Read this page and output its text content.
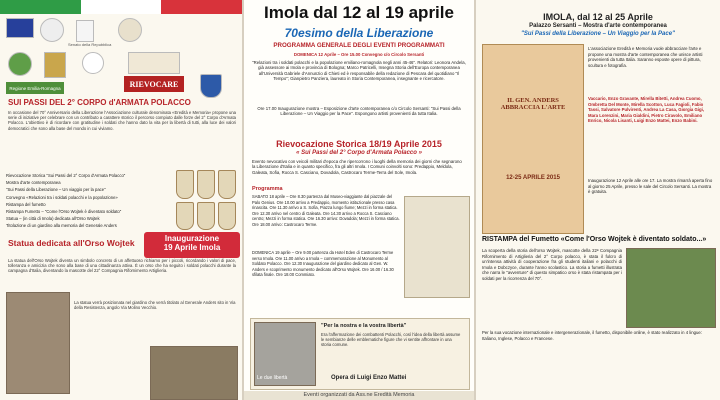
Senato della Repubblica
Regione Emilia-Romagna	RIEVOCARE
SUI PASSI DEL 2° CORPO d'ARMATA POLACCO
In occasione del 70° Anniversario della Liberazione l'Associazione culturale denominata «Eredità e Memoria» propone una serie di iniziative per celebrare con un contributo a carattere storico il percorso compiuto dalle forze del 2° Corpo d'Armata Polacco. L'obiettivo è di ricordare con gratitudine i soldati che hanno dato la vita per la libertà di tutti, alla luce dei valori democratici che sono alla base del mondo in cui viviamo.
Rievocazione Storica "Sui Passi del 2° Corpo d'Armata Polacco"
Mostra d'arte contemporanea
"Sui Passi della Liberazione – Un viaggio per la pace"
Convegno «Relazioni tra i soldati polacchi e la popolazione»
Ristampa del fumetto
Ristampa Fumetto – "Come l'Orso Wojtek è diventato soldato"
Statua – (in città di Imola) dedicata all'Orso Wojtek
Titolazione di un giardino alla memoria del Generale Anders
Statua dedicata all'Orso Wojtek	Inaugurazione
19 Aprile Imola
La statua dell'Orso Wojtek diventa un simbolo concreto di un affettuoso richiamo per i piccoli, ricordando i valori di pace, tolleranza e amicizia che sono alla base di una cittadinanza attiva. È un orso che ha seguito i soldati polacchi durante la campagna d'Italia, diventando la mascotte del 22° Compagnia Rifornimento Artiglieria.
La statua verrà posizionata nel giardino che verrà titolato al Generale Anders sito in Via della Resistenza, angolo Via Molino Vecchio.
Imola dal 12 al 19 aprile
70esimo della Liberazione
PROGRAMMA GENERALE DEGLI EVENTI PROGRAMMATI
DOMENICA 12 Aprile – Ore 15.00 Convegno c/o Circolo Sersanti
"Relazioni tra i soldati polacchi e la popolazione emiliano-romagnola negli anni 45-46". Relatori: Leonora Andela, già assessore ai Imola e provincia di Bologna; Marco Patricelli, Insegna Storia dell'Europa contemporanea all'Università Gabriele d'Annunzio di Chieti ed è responsabile della redazione di Pescara del quotidiano "Il Tempo"; Gianpietro Panziera, laureato in Storia Contemporanea, insegnante e ricercatore.
Ore 17.00 Inaugurazione mostra – Esposizione d'arte contemporanea c/o Circolo Sersanti: "Sui Passi della Liberazione – Un Viaggio per la Pace". Espongono artisti provenienti da tutta Italia.
Rievocazione Storica 18/19 Aprile 2015
« Sui Passi del 2° Corpo d'Armata Polacco »
Evento nevocativo con veicoli militari d'epoca che ripercorrono i luoghi della memoria dei giorni che segnarono la Liberazione d'Italia e in quanto specifico, fra gli altri Imola. I Comuni coinvolti sono: Predappio, Meldola, Galeata, Sofia, Rocca S. Casciano, Dovadola, Castrocaro Terme-Terra del Sole, Imola.
Programma
SABATO 18 aprile – Ore 8.30 partenza dal Museo-viaggiante dal piazzale del Palo Genius. Ore 10.00 arrivo a Predappio, momento istituzionale presso casa rinascita. Ore 11.30 arrivo a S. Sofia, Piazza lungo fiume; Mezzi in forma statica. Ore 12.30 arrivo nel centro di Galeata. Ore 14.30 arrivo a Rocca S. Casciano centro; Mezzi in forma statica. Ore 16.30 arrivo: Dovadola; Mezzi in forma statica. Ore 18.00 arrivo: Castrocaro Terme.
DOMENICA 19 aprile – Ore 9.00 partenza da Hotel Eden di Castrocaro Terme verso Imola. Ore 11.00 arrivo a Imola – commemorazione al Monumento al Soldato Polacco. Ore 12.30 Inaugurazione del giardino dedicato al Gen. W. Anders e scoprimento monumento dedicato all'Orso Wojtek. Ore 16.00 / 16.30 sfilata finale. Ore 18.00 Commiato.
Le due libertà
"Per la nostra e la vostra libertà"
Era l'affermazione dei combattenti Polacchi, così l'idea della libertà assume le sembianze delle emblematiche figure che vi sentite affrontare in una storia comune.
Opera di Luigi Enzo Mattei
Eventi organizzati da Ass.ne Eredità Memoria
IMOLA, dal 12 al 25 Aprile
Palazzo Sersanti – Mostra d'arte contemporanea
"Sui Passi della Liberazione – Un Viaggio per la Pace"
IL GEN. ANDERS ABBRACCIA L'ARTE
12-25 APRILE 2015
L'associazione Eredità e Memoria vuole abbracciare l'arte e propone una mostra d'arte contemporanea che unisce artisti provenienti da tutta Italia. Saranno esposte opere di pittura, scultura e fotografia.
Vaccario, Enzo Gravante, Mirella Bitetti, Andrea Cuomo, Ombretta Del Monte, Mirella Scotton, Luca Fagioli, Fabio Tassi, Salvatore Pulvirenti, Andrea La Casa, Giorgia Gigi, Mara Lorenzini, Maria Gialdini, Pietro Ciravolo, Emiliano Enrico, Nicola Lisanti, Luigi Enzo Mattei, Enzo Babini.
Inaugurazione 12 Aprile alle ore 17. La mostra rimarrà aperta fino al giorno 25 Aprile, presso le sale del Circolo Sersanti. La mostra è gratuita.
RISTAMPA del Fumetto «Come l'Orso Wojtek è diventato soldato...»
La scoperta della storia dell'orso Wojtek, mascotte della 22ª Compagnia Rifornimento di Artiglieria del 2° Corpo polacco, è stata il fulcro di un'intensa attività di cooperazione fra gli studenti italiani e polacchi di Imola e Dobczyce, durante l'anno scolastico. La storia a fumetti illustrata che narra le "avventure" di questo simpatico orso è stata ristampata per i soldati per la ricorrenza del 70°.
Per la sua vocazione internazionale e intergenerazionale, il fumetto, disponibile online, è stato realizzato in 4 lingue: Italiano, Inglese, Polacco e Francese.
